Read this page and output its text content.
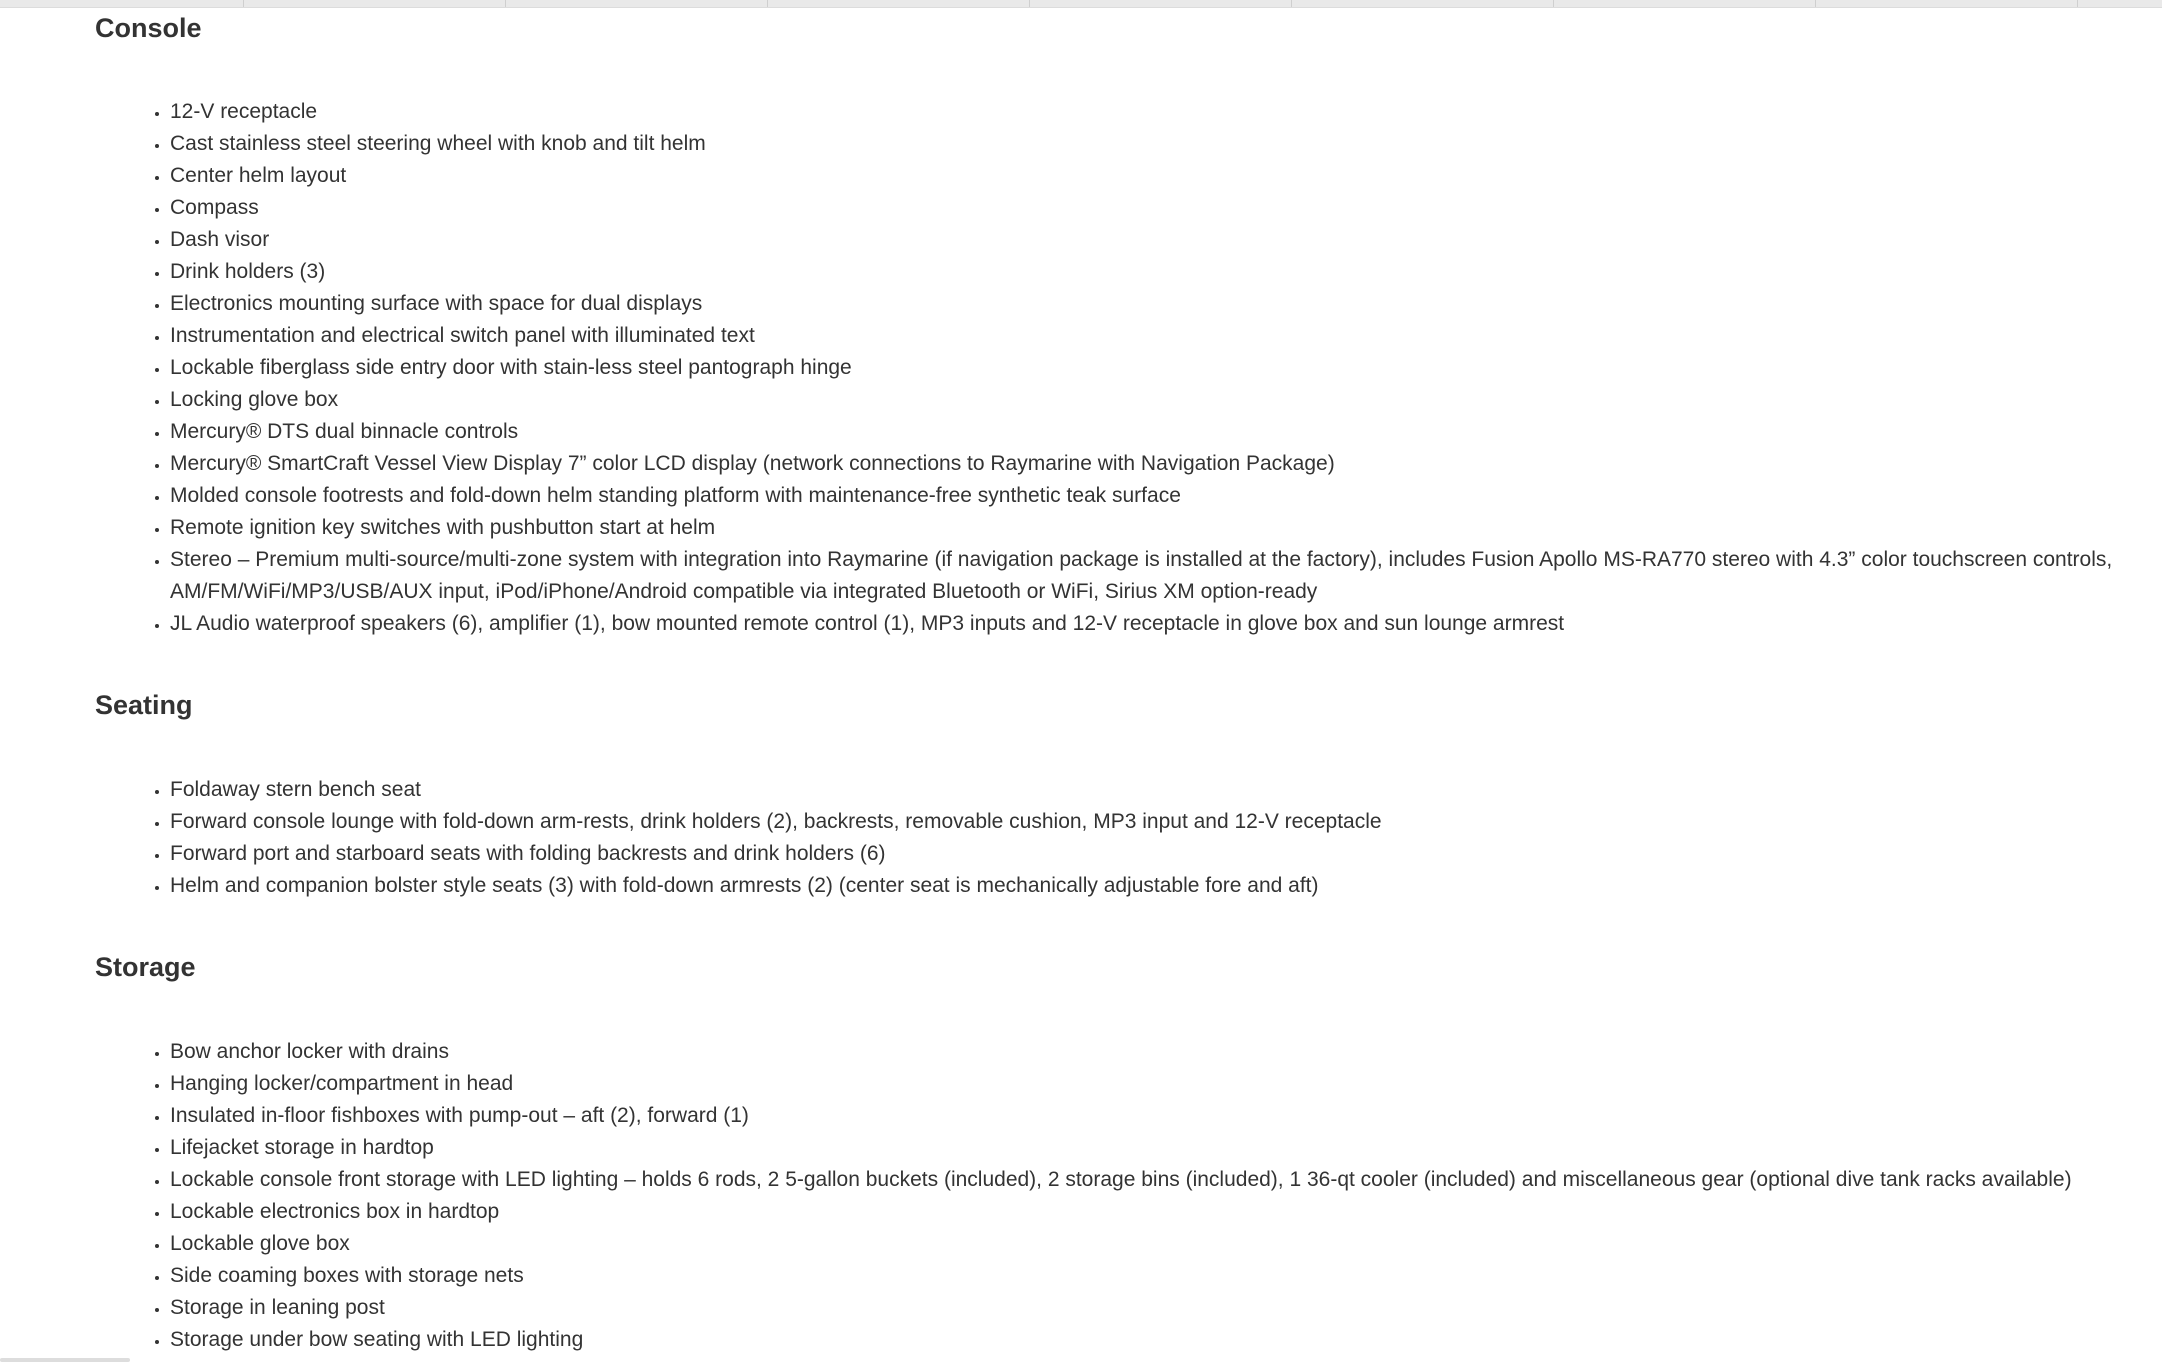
Console
• 12-V receptacle
• Cast stainless steel steering wheel with knob and tilt helm
• Center helm layout
• Compass
• Dash visor
• Drink holders (3)
• Electronics mounting surface with space for dual displays
• Instrumentation and electrical switch panel with illuminated text
• Lockable fiberglass side entry door with stain-less steel pantograph hinge
• Locking glove box
• Mercury® DTS dual binnacle controls
• Mercury® SmartCraft Vessel View Display 7” color LCD display (network connections to Raymarine with Navigation Package)
• Molded console footrests and fold-down helm standing platform with maintenance-free synthetic teak surface
• Remote ignition key switches with pushbutton start at helm
• Stereo – Premium multi-source/multi-zone system with integration into Raymarine (if navigation package is installed at the factory), includes Fusion Apollo MS-RA770 stereo with 4.3” color touchscreen controls, AM/FM/WiFi/MP3/USB/AUX input, iPod/iPhone/Android compatible via integrated Bluetooth or WiFi, Sirius XM option-ready
• JL Audio waterproof speakers (6), amplifier (1), bow mounted remote control (1), MP3 inputs and 12-V receptacle in glove box and sun lounge armrest
Seating
• Foldaway stern bench seat
• Forward console lounge with fold-down arm-rests, drink holders (2), backrests, removable cushion, MP3 input and 12-V receptacle
• Forward port and starboard seats with folding backrests and drink holders (6)
• Helm and companion bolster style seats (3) with fold-down armrests (2) (center seat is mechanically adjustable fore and aft)
Storage
• Bow anchor locker with drains
• Hanging locker/compartment in head
• Insulated in-floor fishboxes with pump-out – aft (2), forward (1)
• Lifejacket storage in hardtop
• Lockable console front storage with LED lighting – holds 6 rods, 2 5-gallon buckets (included), 2 storage bins (included), 1 36-qt cooler (included) and miscellaneous gear (optional dive tank racks available)
• Lockable electronics box in hardtop
• Lockable glove box
• Side coaming boxes with storage nets
• Storage in leaning post
• Storage under bow seating with LED lighting
